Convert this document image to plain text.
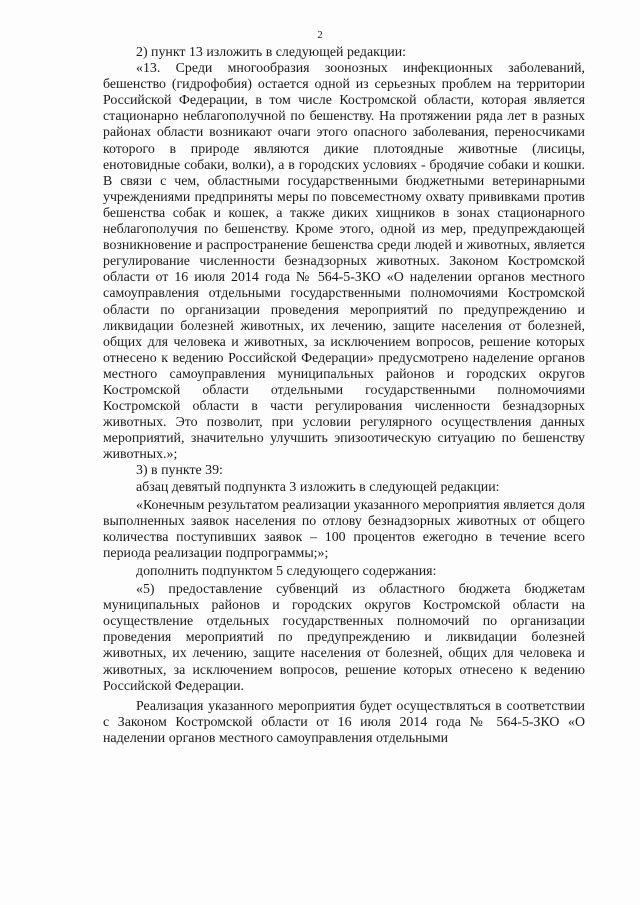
2

2) пункт 13 изложить в следующей редакции:

«13. Среди многообразия зоонозных инфекционных заболеваний, бешенство (гидрофобия) остается одной из серьезных проблем на территории Российской Федерации, в том числе Костромской области, которая является стационарно неблагополучной по бешенству. На протяжении ряда лет в разных районах области возникают очаги этого опасного заболевания, переносчиками которого в природе являются дикие плотоядные животные (лисицы, енотовидные собаки, волки), а в городских условиях - бродячие собаки и кошки. В связи с чем, областными государственными бюджетными ветеринарными учреждениями предприняты меры по повсеместному охвату прививками против бешенства собак и кошек, а также диких хищников в зонах стационарного неблагополучия по бешенству. Кроме этого, одной из мер, предупреждающей возникновение и распространение бешенства среди людей и животных, является регулирование численности безнадзорных животных. Законом Костромской области от 16 июля 2014 года № 564-5-ЗКО «О наделении органов местного самоуправления отдельными государственными полномочиями Костромской области по организации проведения мероприятий по предупреждению и ликвидации болезней животных, их лечению, защите населения от болезней, общих для человека и животных, за исключением вопросов, решение которых отнесено к ведению Российской Федерации» предусмотрено наделение органов местного самоуправления муниципальных районов и городских округов Костромской области отдельными государственными полномочиями Костромской области в части регулирования численности безнадзорных животных. Это позволит, при условии регулярного осуществления данных мероприятий, значительно улучшить эпизоотическую ситуацию по бешенству животных.»;

3) в пункте 39:

абзац девятый подпункта 3 изложить в следующей редакции:

«Конечным результатом реализации указанного мероприятия является доля выполненных заявок населения по отлову безнадзорных животных от общего количества поступивших заявок – 100 процентов ежегодно в течение всего периода реализации подпрограммы;»;

дополнить подпунктом 5 следующего содержания:

«5) предоставление субвенций из областного бюджета бюджетам муниципальных районов и городских округов Костромской области на осуществление отдельных государственных полномочий по организации проведения мероприятий по предупреждению и ликвидации болезней животных, их лечению, защите населения от болезней, общих для человека и животных, за исключением вопросов, решение которых отнесено к ведению Российской Федерации.

Реализация указанного мероприятия будет осуществляться в соответствии с Законом Костромской области от 16 июля 2014 года № 564-5-ЗКО «О наделении органов местного самоуправления отдельными
